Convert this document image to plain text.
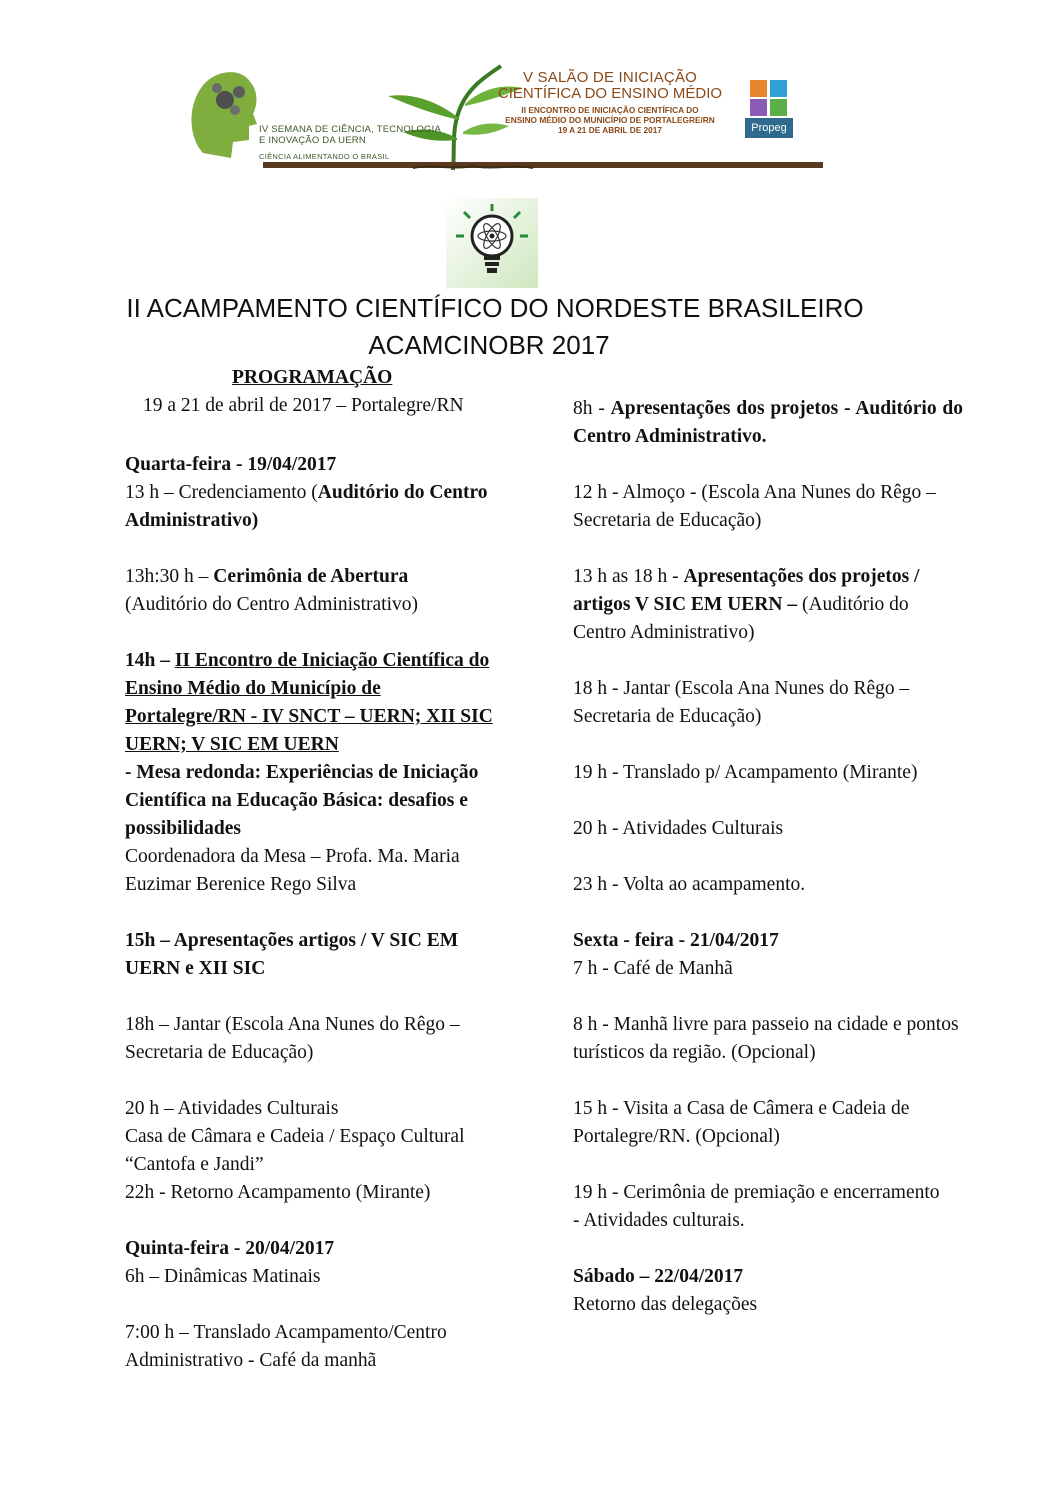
IV SEMANA DE CIÊNCIA, TECNOLOGIA
E INOVAÇÃO DA UERN
CIÊNCIA ALIMENTANDO O BRASIL
V SALÃO DE INICIAÇÃO
CIENTÍFICA DO ENSINO MÉDIO
II ENCONTRO DE INICIAÇÃO CIENTÍFICA DO
ENSINO MÉDIO DO MUNICÍPIO DE PORTALEGRE/RN
19 A 21 DE ABRIL DE 2017	Propeg
II ACAMPAMENTO CIENTÍFICO DO NORDESTE BRASILEIRO
ACAMCINOBR 2017
PROGRAMAÇÃO
19 a 21 de abril de 2017 – Portalegre/RN
Quarta-feira - 19/04/2017

13 h – Credenciamento (Auditório do Centro Administrativo)

13h:30 h – Cerimônia de Abertura
(Auditório do Centro Administrativo)

14h – II Encontro de Iniciação Científica do Ensino Médio do Município de Portalegre/RN - IV SNCT – UERN; XII SIC UERN; V SIC EM UERN
- Mesa redonda: Experiências de Iniciação Científica na Educação Básica: desafios e possibilidades
Coordenadora da Mesa – Profa. Ma. Maria Euzimar Berenice Rego Silva

15h – Apresentações artigos / V SIC EM UERN e XII SIC

18h – Jantar (Escola Ana Nunes do Rêgo – Secretaria de Educação)

20 h – Atividades Culturais
Casa de Câmara e Cadeia / Espaço Cultural “Cantofa e Jandi”
22h - Retorno Acampamento (Mirante)

Quinta-feira - 20/04/2017

6h – Dinâmicas Matinais

7:00 h – Translado Acampamento/Centro Administrativo - Café da manhã

8h - Apresentações dos projetos - Auditório do Centro Administrativo.

12 h - Almoço - (Escola Ana Nunes do Rêgo – Secretaria de Educação)

13 h as 18 h - Apresentações dos projetos / artigos V SIC EM UERN – (Auditório do Centro Administrativo)

18 h - Jantar (Escola Ana Nunes do Rêgo – Secretaria de Educação)

19 h - Translado p/ Acampamento (Mirante)

20 h - Atividades Culturais

23 h - Volta ao acampamento.

Sexta - feira - 21/04/2017

7 h - Café de Manhã

8 h - Manhã livre para passeio na cidade e pontos turísticos da região. (Opcional)

15 h - Visita a Casa de Câmera e Cadeia de Portalegre/RN. (Opcional)

19 h - Cerimônia de premiação e encerramento
- Atividades culturais.

Sábado – 22/04/2017
Retorno das delegações
